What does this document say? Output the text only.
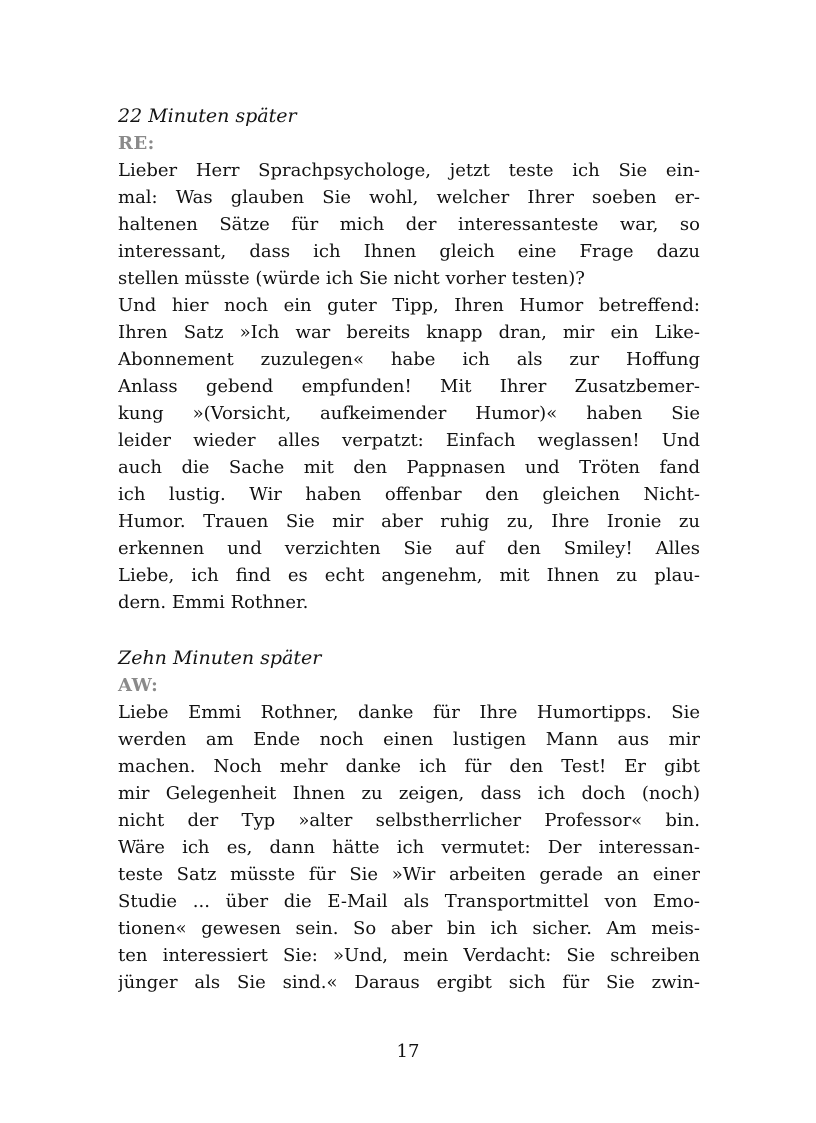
22 Minuten später
RE:
Lieber Herr Sprachpsychologe, jetzt teste ich Sie ein-
mal: Was glauben Sie wohl, welcher Ihrer soeben er-
haltenen Sätze für mich der interessanteste war, so
interessant, dass ich Ihnen gleich eine Frage dazu
stellen müsste (würde ich Sie nicht vorher testen)?
Und hier noch ein guter Tipp, Ihren Humor betreffend:
Ihren Satz »Ich war bereits knapp dran, mir ein Like-
Abonnement zuzulegen« habe ich als zur Hoffung
Anlass gebend empfunden! Mit Ihrer Zusatzbemer-
kung »(Vorsicht, aufkeimender Humor)« haben Sie
leider wieder alles verpatzt: Einfach weglassen! Und
auch die Sache mit den Pappnasen und Tröten fand
ich lustig. Wir haben offenbar den gleichen Nicht-
Humor. Trauen Sie mir aber ruhig zu, Ihre Ironie zu
erkennen und verzichten Sie auf den Smiley! Alles
Liebe, ich find es echt angenehm, mit Ihnen zu plau-
dern. Emmi Rothner.
Zehn Minuten später
AW:
Liebe Emmi Rothner, danke für Ihre Humortipps. Sie
werden am Ende noch einen lustigen Mann aus mir
machen. Noch mehr danke ich für den Test! Er gibt
mir Gelegenheit Ihnen zu zeigen, dass ich doch (noch)
nicht der Typ »alter selbstherrlicher Professor« bin.
Wäre ich es, dann hätte ich vermutet: Der interessan-
teste Satz müsste für Sie »Wir arbeiten gerade an einer
Studie ... über die E-Mail als Transportmittel von Emo-
tionen« gewesen sein. So aber bin ich sicher. Am meis-
ten interessiert Sie: »Und, mein Verdacht: Sie schreiben
jünger als Sie sind.« Daraus ergibt sich für Sie zwin-
17
